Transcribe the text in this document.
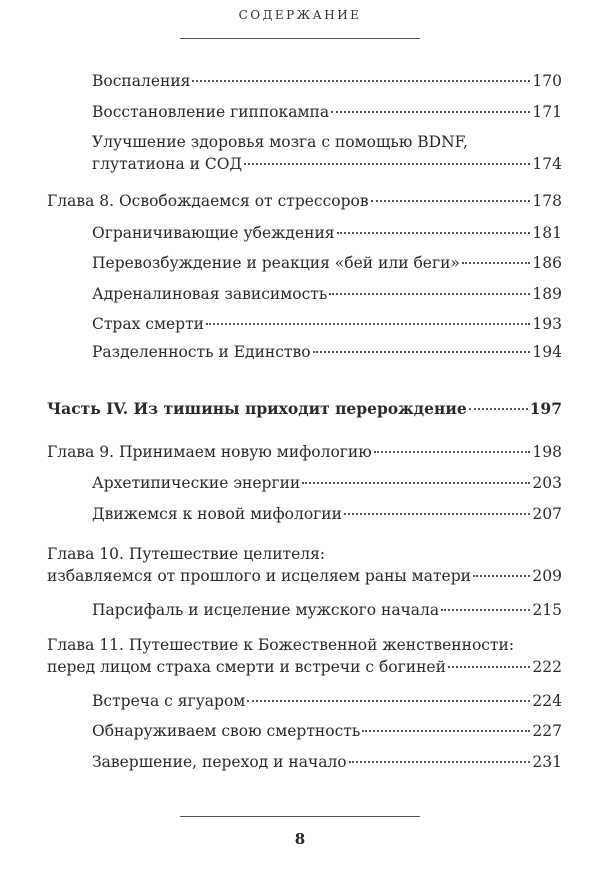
СОДЕРЖАНИЕ
Воспаления	170
Восстановление гиппокампа	171
Улучшение здоровья мозга с помощью BDNF,
глутатиона и СОД	174
Глава 8. Освобождаемся от стрессоров	178
Ограничивающие убеждения	181
Перевозбуждение и реакция «бей или беги»	186
Адреналиновая зависимость	189
Страх смерти	193
Разделенность и Единство	194
Часть IV. Из тишины приходит перерождение	197
Глава 9. Принимаем новую мифологию	198
Архетипические энергии	203
Движемся к новой мифологии	207
Глава 10. Путешествие целителя:
избавляемся от прошлого и исцеляем раны матери	209
Парсифаль и исцеление мужского начала	215
Глава 11. Путешествие к Божественной женственности:
перед лицом страха смерти и встречи с богиней	222
Встреча с ягуаром	224
Обнаруживаем свою смертность	227
Завершение, переход и начало	231
8
